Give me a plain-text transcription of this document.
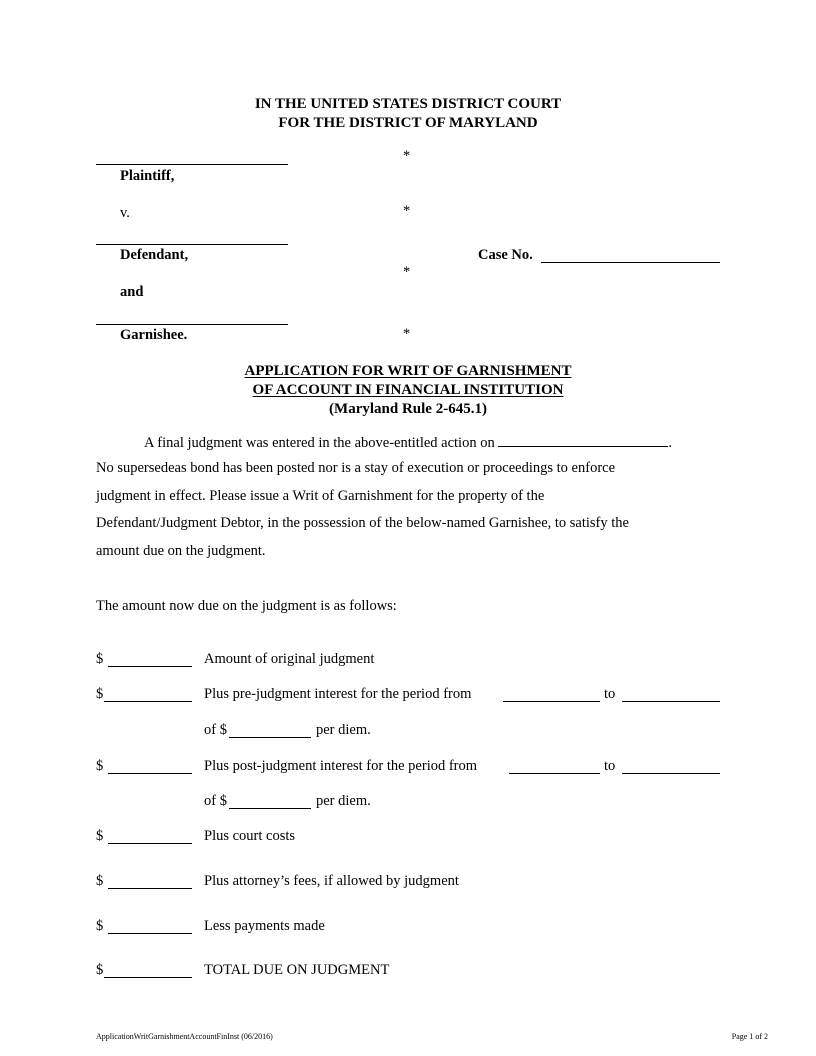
IN THE UNITED STATES DISTRICT COURT
FOR THE DISTRICT OF MARYLAND
*
*
*
*
Plaintiff,
v.
Defendant,
and
Garnishee.
Case No.
APPLICATION FOR WRIT OF GARNISHMENT
OF ACCOUNT IN FINANCIAL INSTITUTION
(Maryland Rule 2-645.1)
A final judgment was entered in the above-entitled action on	.
No supersedeas bond has been posted nor is a stay of execution or proceedings to enforce
judgment in effect. Please issue a Writ of Garnishment for the property of the
Defendant/Judgment Debtor, in the possession of the below-named Garnishee, to satisfy the
amount due on the judgment.
The amount now due on the judgment is as follows:
$	Amount of original judgment
$	Plus pre-judgment interest for the period from	to
of $	per diem.
$	Plus post-judgment interest for the period from	to
of $	per diem.
$	Plus court costs
$	Plus attorney’s fees, if allowed by judgment
$	Less payments made
$	TOTAL DUE ON JUDGMENT
ApplicationWritGarnishmentAccountFinInst (06/2016)	Page 1 of 2
